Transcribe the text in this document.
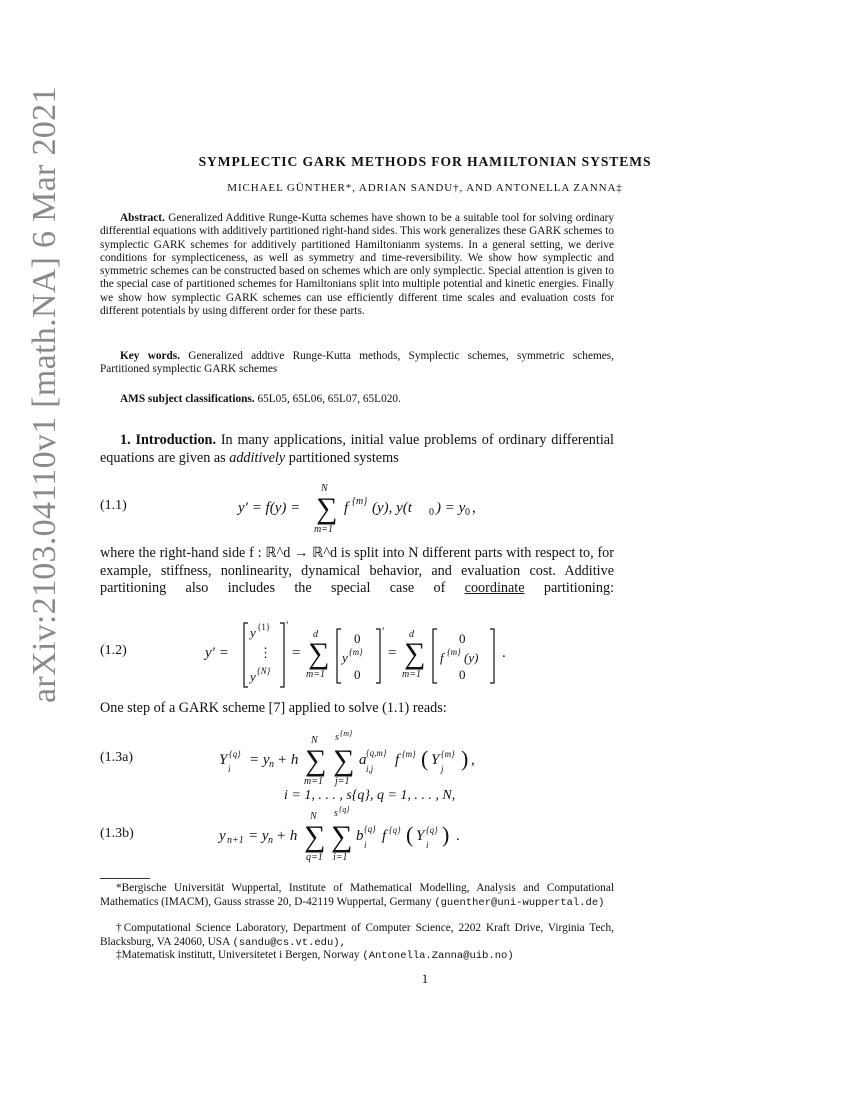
arXiv:2103.04110v1 [math.NA] 6 Mar 2021	SYMPLECTIC GARK METHODS FOR HAMILTONIAN SYSTEMS
MICHAEL GÜNTHER*, ADRIAN SANDU†, AND ANTONELLA ZANNA‡
Abstract. Generalized Additive Runge-Kutta schemes have shown to be a suitable tool for solving ordinary differential equations with additively partitioned right-hand sides. This work generalizes these GARK schemes to symplectic GARK schemes for additively partitioned Hamiltonianm systems. In a general setting, we derive conditions for symplecticeness, as well as symmetry and time-reversibility. We show how symplectic and symmetric schemes can be constructed based on schemes which are only symplectic. Special attention is given to the special case of partitioned schemes for Hamiltonians split into multiple potential and kinetic energies. Finally we show how symplectic GARK schemes can use efficiently different time scales and evaluation costs for different potentials by using different order for these parts.
Key words. Generalized addtive Runge-Kutta methods, Symplectic schemes, symmetric schemes, Partitioned symplectic GARK schemes
AMS subject classifications. 65L05, 65L06, 65L07, 65L020.
1. Introduction. In many applications, initial value problems of ordinary differential equations are given as additively partitioned systems
(1.1)	y′ = f(y) = ∑
N
m=1
f {m} (y), y(t 0 ) = y 0 ,
where the right-hand side f : ℝ^d → ℝ^d is split into N different parts with respect to, for example, stiffness, nonlinearity, dynamical behavior, and evaluation cost. Additive partitioning also includes the special case of coordinate partitioning:
(1.2)	y′ =
y {1}
⋮
y {N}
′
= ∑
d
m=1
0
y {m}
0
′
= ∑
d
m=1
0
f {m} (y)
0
.
One step of a GARK scheme [7] applied to solve (1.1) reads:
(1.3a)	Y {q}
i
= y n + h ∑
N
m=1
∑
s {m}
j=1
a {q,m}
i,j
f {m} ( Y {m}
j ) ,
i = 1, . . . , s{q}, q = 1, . . . , N,
(1.3b)	y n+1 = y n + h ∑
N
q=1
∑
s {q}
i=1
b {q}
i
f {q} ( Y {q}
i ) .
*Bergische Universität Wuppertal, Institute of Mathematical Modelling, Analysis and Computational Mathematics (IMACM), Gauss strasse 20, D-42119 Wuppertal, Germany (guenther@uni-wuppertal.de)
†Computational Science Laboratory, Department of Computer Science, 2202 Kraft Drive, Virginia Tech, Blacksburg, VA 24060, USA (sandu@cs.vt.edu),
‡Matematisk institutt, Universitetet i Bergen, Norway (Antonella.Zanna@uib.no)
1
